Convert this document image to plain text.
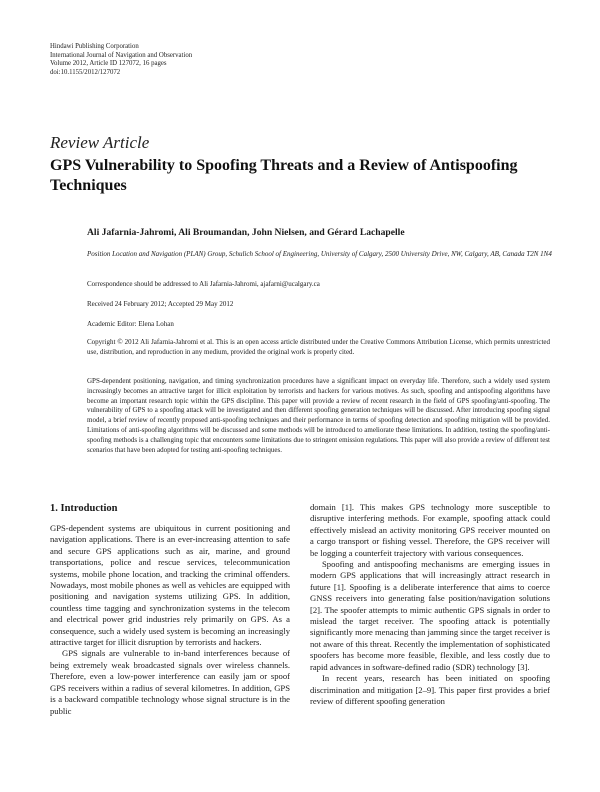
Hindawi Publishing Corporation
International Journal of Navigation and Observation
Volume 2012, Article ID 127072, 16 pages
doi:10.1155/2012/127072
Review Article
GPS Vulnerability to Spoofing Threats and a Review of Antispoofing Techniques
Ali Jafarnia-Jahromi, Ali Broumandan, John Nielsen, and Gérard Lachapelle
Position Location and Navigation (PLAN) Group, Schulich School of Engineering, University of Calgary, 2500 University Drive, NW, Calgary, AB, Canada T2N 1N4
Correspondence should be addressed to Ali Jafarnia-Jahromi, ajafarni@ucalgary.ca
Received 24 February 2012; Accepted 29 May 2012
Academic Editor: Elena Lohan
Copyright © 2012 Ali Jafarnia-Jahromi et al. This is an open access article distributed under the Creative Commons Attribution License, which permits unrestricted use, distribution, and reproduction in any medium, provided the original work is properly cited.
GPS-dependent positioning, navigation, and timing synchronization procedures have a significant impact on everyday life. Therefore, such a widely used system increasingly becomes an attractive target for illicit exploitation by terrorists and hackers for various motives. As such, spoofing and antispoofing algorithms have become an important research topic within the GPS discipline. This paper will provide a review of recent research in the field of GPS spoofing/anti-spoofing. The vulnerability of GPS to a spoofing attack will be investigated and then different spoofing generation techniques will be discussed. After introducing spoofing signal model, a brief review of recently proposed anti-spoofing techniques and their performance in terms of spoofing detection and spoofing mitigation will be provided. Limitations of anti-spoofing algorithms will be discussed and some methods will be introduced to ameliorate these limitations. In addition, testing the spoofing/anti-spoofing methods is a challenging topic that encounters some limitations due to stringent emission regulations. This paper will also provide a review of different test scenarios that have been adopted for testing anti-spoofing techniques.
1. Introduction

GPS-dependent systems are ubiquitous in current positioning and navigation applications. There is an ever-increasing attention to safe and secure GPS applications such as air, marine, and ground transportations, police and rescue services, telecommunication systems, mobile phone location, and tracking the criminal offenders. Nowadays, most mobile phones as well as vehicles are equipped with positioning and navigation systems utilizing GPS. In addition, countless time tagging and synchronization systems in the telecom and electrical power grid industries rely primarily on GPS. As a consequence, such a widely used system is becoming an increasingly attractive target for illicit disruption by terrorists and hackers.

GPS signals are vulnerable to in-band interferences because of being extremely weak broadcasted signals over wireless channels. Therefore, even a low-power interference can easily jam or spoof GPS receivers within a radius of several kilometres. In addition, GPS is a backward compatible technology whose signal structure is in the public

domain [1]. This makes GPS technology more susceptible to disruptive interfering methods. For example, spoofing attack could effectively mislead an activity monitoring GPS receiver mounted on a cargo transport or fishing vessel. Therefore, the GPS receiver will be logging a counterfeit trajectory with various consequences.

Spoofing and antispoofing mechanisms are emerging issues in modern GPS applications that will increasingly attract research in future [1]. Spoofing is a deliberate interference that aims to coerce GNSS receivers into generating false position/navigation solutions [2]. The spoofer attempts to mimic authentic GPS signals in order to mislead the target receiver. The spoofing attack is potentially significantly more menacing than jamming since the target receiver is not aware of this threat. Recently the implementation of sophisticated spoofers has become more feasible, flexible, and less costly due to rapid advances in software-defined radio (SDR) technology [3].

In recent years, research has been initiated on spoofing discrimination and mitigation [2–9]. This paper first provides a brief review of different spoofing generation
